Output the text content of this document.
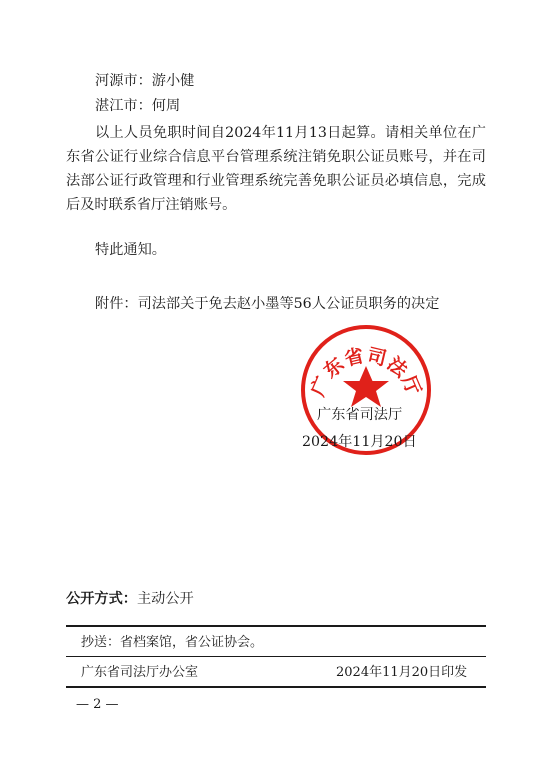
河源市：游小健
湛江市：何周
以上人员免职时间自2024年11月13日起算。请相关单位在广东省公证行业综合信息平台管理系统注销免职公证员账号，并在司法部公证行政管理和行业管理系统完善免职公证员必填信息，完成后及时联系省厅注销账号。
特此通知。
附件：司法部关于免去赵小墨等56人公证员职务的决定
广东省司法厅
广东省司法厅
2024年11月20日
公开方式：主动公开
抄送：省档案馆，省公证协会。
广东省司法厅办公室	2024年11月20日印发
— 2 —
